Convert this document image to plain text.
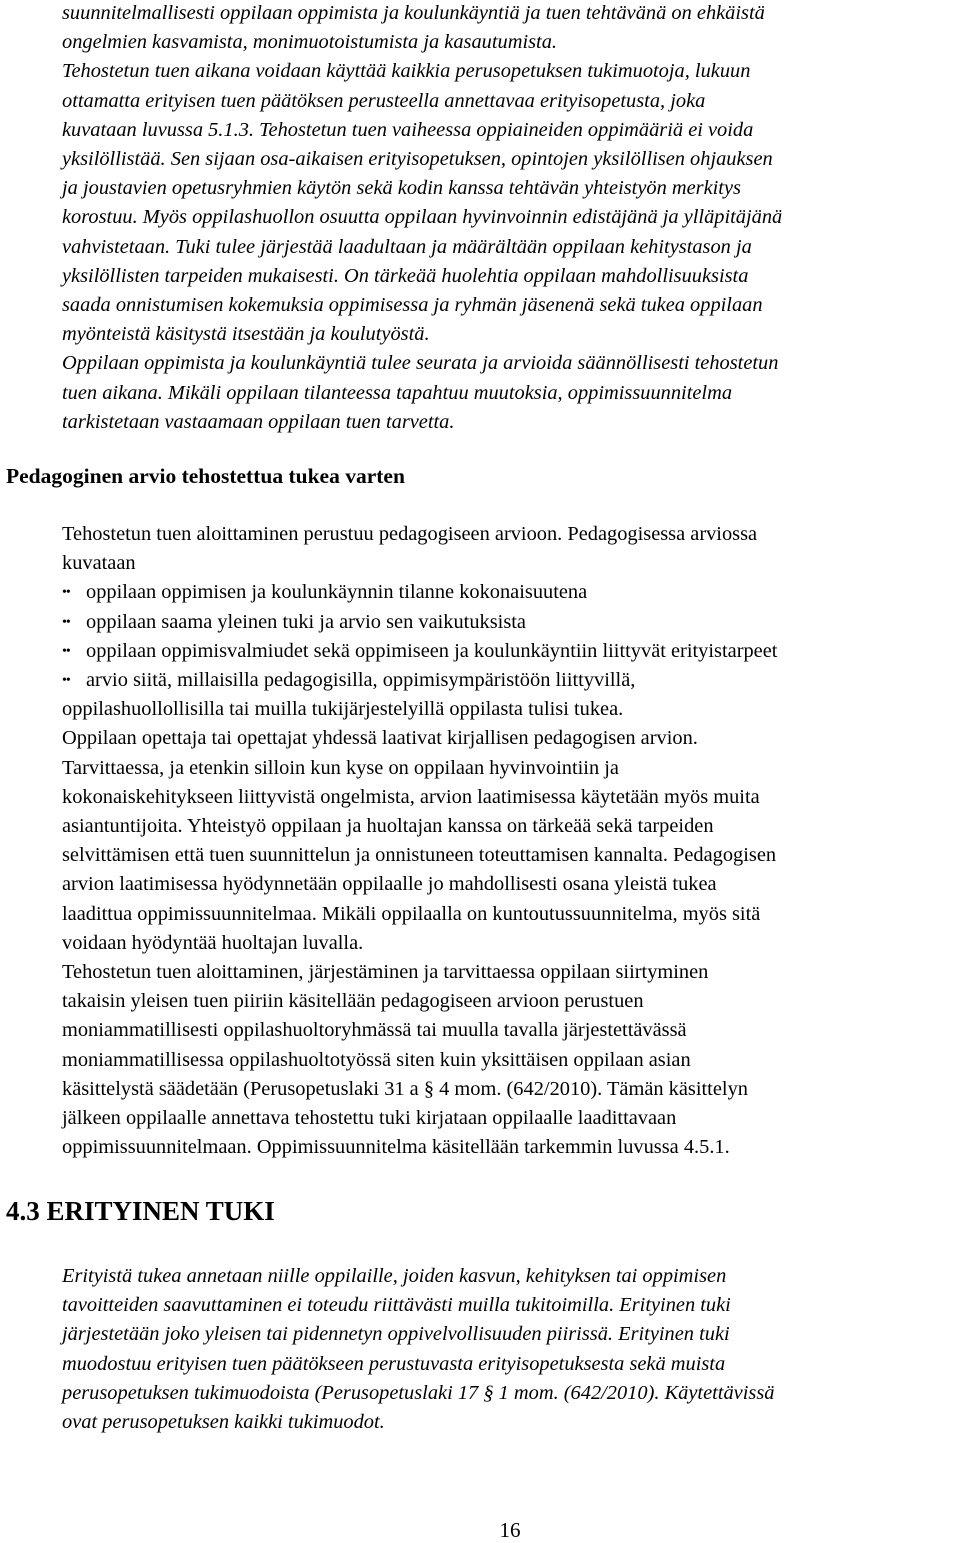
suunnitelmallisesti oppilaan oppimista ja koulunkäyntiä ja tuen tehtävänä on ehkäistä
ongelmien kasvamista, monimuotoistumista ja kasautumista.
Tehostetun tuen aikana voidaan käyttää kaikkia perusopetuksen tukimuotoja, lukuun
ottamatta erityisen tuen päätöksen perusteella annettavaa erityisopetusta, joka
kuvataan luvussa 5.1.3. Tehostetun tuen vaiheessa oppiaineiden oppimääriä ei voida
yksilöllistää. Sen sijaan osa-aikaisen erityisopetuksen, opintojen yksilöllisen ohjauksen
ja joustavien opetusryhmien käytön sekä kodin kanssa tehtävän yhteistyön merkitys
korostuu. Myös oppilashuollon osuutta oppilaan hyvinvoinnin edistäjänä ja ylläpitäjänä
vahvistetaan. Tuki tulee järjestää laadultaan ja määrältään oppilaan kehitystason ja
yksilöllisten tarpeiden mukaisesti. On tärkeää huolehtia oppilaan mahdollisuuksista
saada onnistumisen kokemuksia oppimisessa ja ryhmän jäsenenä sekä tukea oppilaan
myönteistä käsitystä itsestään ja koulutyöstä.
Oppilaan oppimista ja koulunkäyntiä tulee seurata ja arvioida säännöllisesti tehostetun
tuen aikana. Mikäli oppilaan tilanteessa tapahtuu muutoksia, oppimissuunnitelma
tarkistetaan vastaamaan oppilaan tuen tarvetta.
Pedagoginen arvio tehostettua tukea varten
Tehostetun tuen aloittaminen perustuu pedagogiseen arvioon. Pedagogisessa arviossa
kuvataan
•• oppilaan oppimisen ja koulunkäynnin tilanne kokonaisuutena
•• oppilaan saama yleinen tuki ja arvio sen vaikutuksista
•• oppilaan oppimisvalmiudet sekä oppimiseen ja koulunkäyntiin liittyvät erityistarpeet
•• arvio siitä, millaisilla pedagogisilla, oppimisympäristöön liittyvillä,
oppilashuollollisilla tai muilla tukijärjestelyillä oppilasta tulisi tukea.
Oppilaan opettaja tai opettajat yhdessä laativat kirjallisen pedagogisen arvion.
Tarvittaessa, ja etenkin silloin kun kyse on oppilaan hyvinvointiin ja
kokonaiskehitykseen liittyvistä ongelmista, arvion laatimisessa käytetään myös muita
asiantuntijoita. Yhteistyö oppilaan ja huoltajan kanssa on tärkeää sekä tarpeiden
selvittämisen että tuen suunnittelun ja onnistuneen toteuttamisen kannalta. Pedagogisen
arvion laatimisessa hyödynnetään oppilaalle jo mahdollisesti osana yleistä tukea
laadittua oppimissuunnitelmaa. Mikäli oppilaalla on kuntoutussuunnitelma, myös sitä
voidaan hyödyntää huoltajan luvalla.
Tehostetun tuen aloittaminen, järjestäminen ja tarvittaessa oppilaan siirtyminen
takaisin yleisen tuen piiriin käsitellään pedagogiseen arvioon perustuen
moniammatillisesti oppilashuoltoryhmässä tai muulla tavalla järjestettävässä
moniammatillisessa oppilashuoltotyössä siten kuin yksittäisen oppilaan asian
käsittelystä säädetään (Perusopetuslaki 31 a § 4 mom. (642/2010). Tämän käsittelyn
jälkeen oppilaalle annettava tehostettu tuki kirjataan oppilaalle laadittavaan
oppimissuunnitelmaan. Oppimissuunnitelma käsitellään tarkemmin luvussa 4.5.1.
4.3 ERITYINEN TUKI
Erityistä tukea annetaan niille oppilaille, joiden kasvun, kehityksen tai oppimisen
tavoitteiden saavuttaminen ei toteudu riittävästi muilla tukitoimilla. Erityinen tuki
järjestetään joko yleisen tai pidennetyn oppivelvollisuuden piirissä. Erityinen tuki
muodostuu erityisen tuen päätökseen perustuvasta erityisopetuksesta sekä muista
perusopetuksen tukimuodoista (Perusopetuslaki 17 § 1 mom. (642/2010). Käytettävissä
ovat perusopetuksen kaikki tukimuodot.
16
